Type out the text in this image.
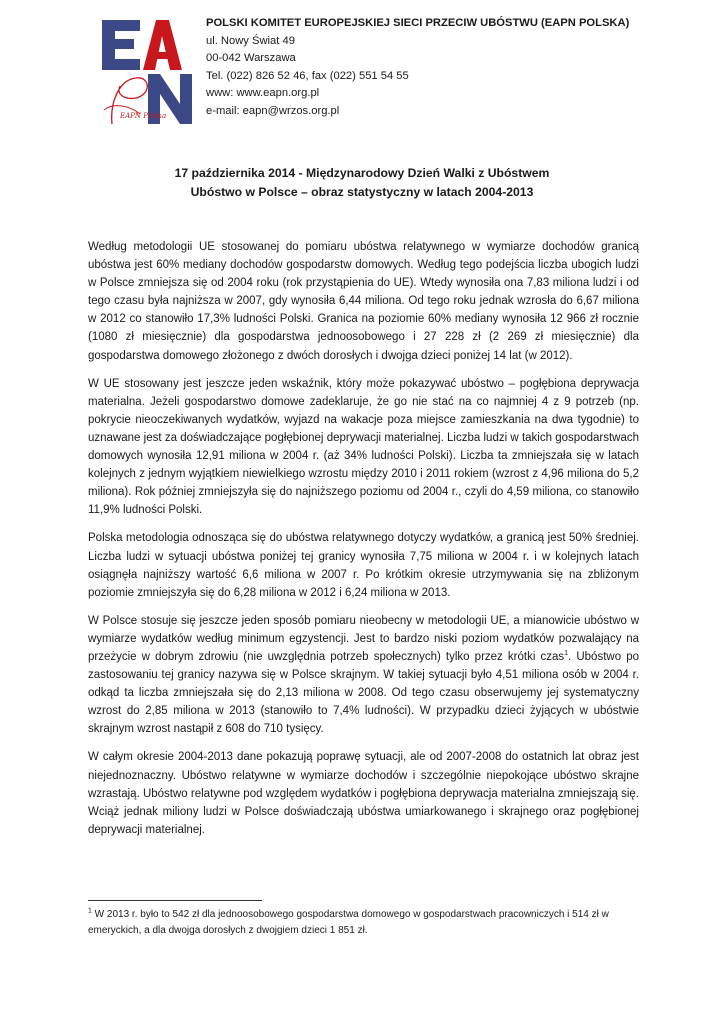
EAPN Polska
POLSKI KOMITET EUROPEJSKIEJ SIECI PRZECIW UBÓSTWU (EAPN POLSKA)
ul. Nowy Świat 49
00-042 Warszawa
Tel. (022) 826 52 46, fax (022) 551 54 55
www: www.eapn.org.pl
e-mail: eapn@wrzos.org.pl
17 października 2014 - Międzynarodowy Dzień Walki z Ubóstwem
Ubóstwo w Polsce – obraz statystyczny w latach 2004-2013

Według metodologii UE stosowanej do pomiaru ubóstwa relatywnego w wymiarze dochodów granicą ubóstwa jest 60% mediany dochodów gospodarstw domowych. Według tego podejścia liczba ubogich ludzi w Polsce zmniejsza się od 2004 roku (rok przystąpienia do UE). Wtedy wynosiła ona 7,83 miliona ludzi i od tego czasu była najniższa w 2007, gdy wynosiła 6,44 miliona. Od tego roku jednak wzrosła do 6,67 miliona w 2012 co stanowiło 17,3% ludności Polski. Granica na poziomie 60% mediany wynosiła 12 966 zł rocznie (1080 zł miesięcznie) dla gospodarstwa jednoosobowego i 27 228 zł (2 269 zł miesięcznie) dla gospodarstwa domowego złożonego z dwóch dorosłych i dwojga dzieci poniżej 14 lat (w 2012).

W UE stosowany jest jeszcze jeden wskaźnik, który może pokazywać ubóstwo – pogłębiona deprywacja materialna. Jeżeli gospodarstwo domowe zadeklaruje, że go nie stać na co najmniej 4 z 9 potrzeb (np. pokrycie nieoczekiwanych wydatków, wyjazd na wakacje poza miejsce zamieszkania na dwa tygodnie) to uznawane jest za doświadczające pogłębionej deprywacji materialnej. Liczba ludzi w takich gospodarstwach domowych wynosiła 12,91 miliona w 2004 r. (aż 34% ludności Polski). Liczba ta zmniejszała się w latach kolejnych z jednym wyjątkiem niewielkiego wzrostu między 2010 i 2011 rokiem (wzrost z 4,96 miliona do 5,2 miliona). Rok później zmniejszyła się do najniższego poziomu od 2004 r., czyli do 4,59 miliona, co stanowiło 11,9% ludności Polski.

Polska metodologia odnosząca się do ubóstwa relatywnego dotyczy wydatków, a granicą jest 50% średniej. Liczba ludzi w sytuacji ubóstwa poniżej tej granicy wynosiła 7,75 miliona w 2004 r. i w kolejnych latach osiągnęła najniższy wartość 6,6 miliona w 2007 r. Po krótkim okresie utrzymywania się na zbliżonym poziomie zmniejszyła się do 6,28 miliona w 2012 i 6,24 miliona w 2013.

W Polsce stosuje się jeszcze jeden sposób pomiaru nieobecny w metodologii UE, a mianowicie ubóstwo w wymiarze wydatków według minimum egzystencji. Jest to bardzo niski poziom wydatków pozwalający na przeżycie w dobrym zdrowiu (nie uwzględnia potrzeb społecznych) tylko przez krótki czas$^1$. Ubóstwo po zastosowaniu tej granicy nazywa się w Polsce skrajnym. W takiej sytuacji było 4,51 miliona osób w 2004 r. odkąd ta liczba zmniejszała się do 2,13 miliona w 2008. Od tego czasu obserwujemy jej systematyczny wzrost do 2,85 miliona w 2013 (stanowiło to 7,4% ludności). W przypadku dzieci żyjących w ubóstwie skrajnym wzrost nastąpił z 608 do 710 tysięcy.

W całym okresie 2004-2013 dane pokazują poprawę sytuacji, ale od 2007-2008 do ostatnich lat obraz jest niejednoznaczny. Ubóstwo relatywne w wymiarze dochodów i szczególnie niepokojące ubóstwo skrajne wzrastają. Ubóstwo relatywne pod względem wydatków i pogłębiona deprywacja materialna zmniejszają się. Wciąż jednak miliony ludzi w Polsce doświadczają ubóstwa umiarkowanego i skrajnego oraz pogłębionej deprywacji materialnej.

$^1$ W 2013 r. było to 542 zł dla jednoosobowego gospodarstwa domowego w gospodarstwach pracowniczych i 514 zł w emeryckich, a dla dwojga dorosłych z dwojgiem dzieci 1 851 zł.
